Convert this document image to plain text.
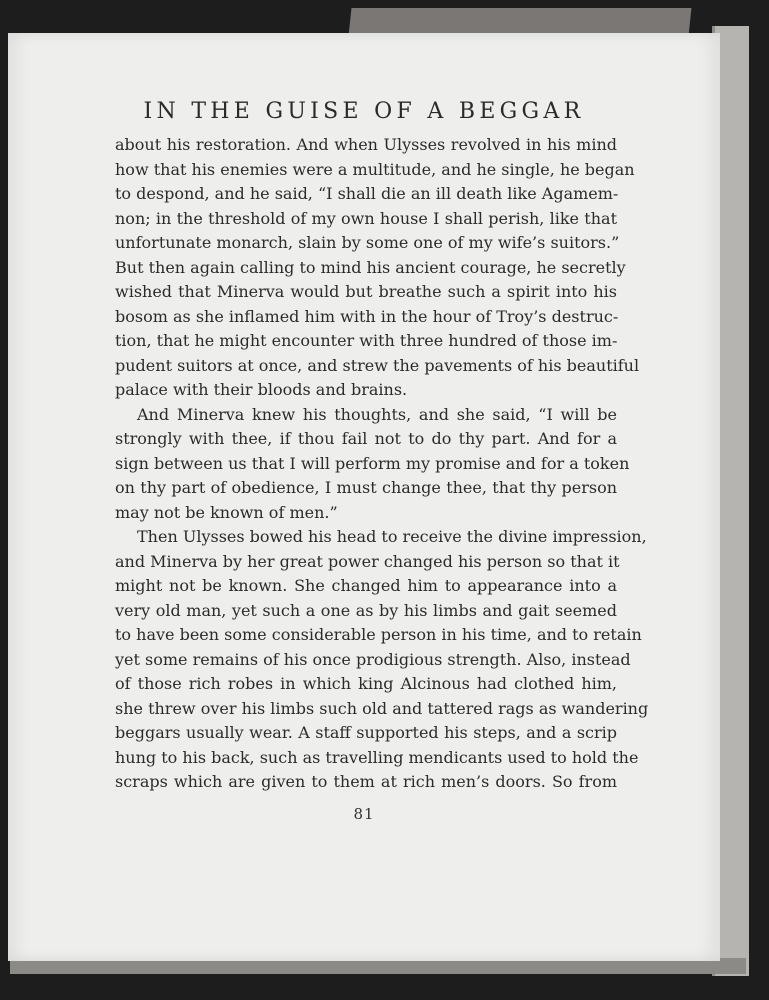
IN THE GUISE OF A BEGGAR
about his restoration. And when Ulysses revolved in his mind
how that his enemies were a multitude, and he single, he began
to despond, and he said, “I shall die an ill death like Agamem-
non; in the threshold of my own house I shall perish, like that
unfortunate monarch, slain by some one of my wife’s suitors.”
But then again calling to mind his ancient courage, he secretly
wished that Minerva would but breathe such a spirit into his
bosom as she inflamed him with in the hour of Troy’s destruc-
tion, that he might encounter with three hundred of those im-
pudent suitors at once, and strew the pavements of his beautiful
palace with their bloods and brains.
And Minerva knew his thoughts, and she said, “I will be
strongly with thee, if thou fail not to do thy part. And for a
sign between us that I will perform my promise and for a token
on thy part of obedience, I must change thee, that thy person
may not be known of men.”
Then Ulysses bowed his head to receive the divine impression,
and Minerva by her great power changed his person so that it
might not be known. She changed him to appearance into a
very old man, yet such a one as by his limbs and gait seemed
to have been some considerable person in his time, and to retain
yet some remains of his once prodigious strength. Also, instead
of those rich robes in which king Alcinous had clothed him,
she threw over his limbs such old and tattered rags as wandering
beggars usually wear. A staff supported his steps, and a scrip
hung to his back, such as travelling mendicants used to hold the
scraps which are given to them at rich men’s doors. So from
81
